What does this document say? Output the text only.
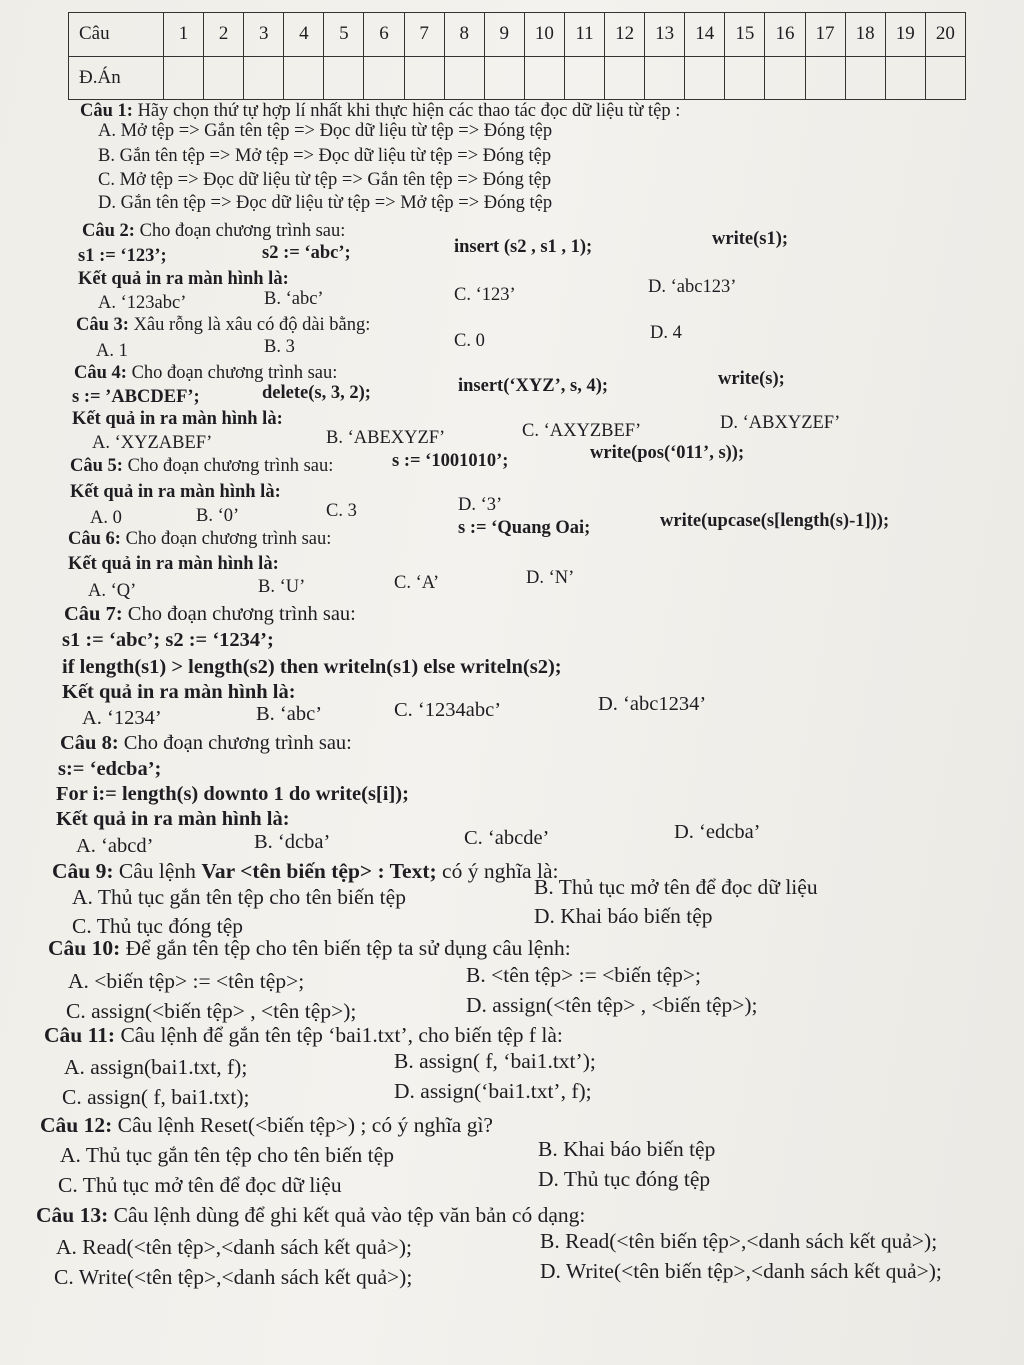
Câu	1	2	3	4	5	6	7	8	9	10	11	12	13	14	15	16	17	18	19	20
Đ.Án																				
Câu 1: Hãy chọn thứ tự hợp lí nhất khi thực hiện các thao tác đọc dữ liệu từ tệp :
A. Mở tệp => Gắn tên tệp => Đọc dữ liệu từ tệp => Đóng tệp
B. Gắn tên tệp => Mở tệp => Đọc dữ liệu từ tệp => Đóng tệp
C. Mở tệp => Đọc dữ liệu từ tệp => Gắn tên tệp => Đóng tệp
D. Gắn tên tệp => Đọc dữ liệu từ tệp => Mở tệp => Đóng tệp
Câu 2: Cho đoạn chương trình sau:
s1 := ‘123’;	s2 := ‘abc’;	insert (s2 , s1 , 1);	write(s1);
Kết quả in ra màn hình là:
A. ‘123abc’	B. ‘abc’	C. ‘123’	D. ‘abc123’
Câu 3: Xâu rỗng là xâu có độ dài bằng:
A. 1	B. 3	C. 0	D. 4
Câu 4: Cho đoạn chương trình sau:
s := ’ABCDEF’;	delete(s, 3, 2);	insert(‘XYZ’, s, 4);	write(s);
Kết quả in ra màn hình là:
A. ‘XYZABEF’	B. ‘ABEXYZF’	C. ‘AXYZBEF’	D. ‘ABXYZEF’
Câu 5: Cho đoạn chương trình sau:	s := ‘1001010’;	write(pos(‘011’, s));
Kết quả in ra màn hình là:
A. 0	B. ‘0’	C. 3	D. ‘3’
Câu 6: Cho đoạn chương trình sau:
s := ‘Quang Oai;	write(upcase(s[length(s)-1]));
Kết quả in ra màn hình là:
A. ‘Q’	B. ‘U’	C. ‘A’	D. ‘N’
Câu 7: Cho đoạn chương trình sau:
s1 := ‘abc’; s2 := ‘1234’;
if length(s1) > length(s2) then writeln(s1) else writeln(s2);
Kết quả in ra màn hình là:
A. ‘1234’	B. ‘abc’	C. ‘1234abc’	D. ‘abc1234’
Câu 8: Cho đoạn chương trình sau:
s:= ‘edcba’;
For i:= length(s) downto 1 do write(s[i]);
Kết quả in ra màn hình là:
A. ‘abcd’	B. ‘dcba’	C. ‘abcde’	D. ‘edcba’
Câu 9: Câu lệnh Var <tên biến tệp> : Text; có ý nghĩa là:
A. Thủ tục gắn tên tệp cho tên biến tệp	B. Thủ tục mở tên để đọc dữ liệu
C. Thủ tục đóng tệp	D. Khai báo biến tệp
Câu 10: Để gắn tên tệp cho tên biến tệp ta sử dụng câu lệnh:
A. <biến tệp> := <tên tệp>;	B. <tên tệp> := <biến tệp>;
C. assign(<biến tệp> , <tên tệp>);	D. assign(<tên tệp> , <biến tệp>);
Câu 11: Câu lệnh để gắn tên tệp ‘bai1.txt’, cho biến tệp f là:
A. assign(bai1.txt, f);	B. assign( f, ‘bai1.txt’);
C. assign( f, bai1.txt);	D. assign(‘bai1.txt’, f);
Câu 12: Câu lệnh Reset(<biến tệp>) ; có ý nghĩa gì?
A. Thủ tục gắn tên tệp cho tên biến tệp	B. Khai báo biến tệp
C. Thủ tục mở tên để đọc dữ liệu	D. Thủ tục đóng tệp
Câu 13: Câu lệnh dùng để ghi kết quả vào tệp văn bản có dạng:
A. Read(<tên tệp>,<danh sách kết quả>);	B. Read(<tên biến tệp>,<danh sách kết quả>);
C. Write(<tên tệp>,<danh sách kết quả>);	D. Write(<tên biến tệp>,<danh sách kết quả>);
